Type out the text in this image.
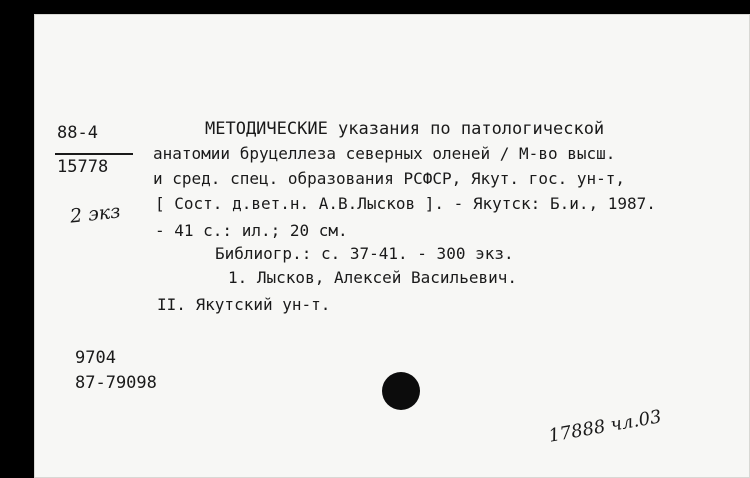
88-4
15778
2 экз
МЕТОДИЧЕСКИЕ указания по патологической
анатомии бруцеллеза северных оленей / М-во высш.
и сред. спец. образования РСФСР, Якут. гос. ун-т,
[ Сост. д.вет.н. А.В.Лысков ]. - Якутск: Б.и., 1987.
- 41 с.: ил.; 20 см.
Библиогр.: с. 37-41. - 300 экз.
1. Лысков, Алексей Васильевич.
II. Якутский ун-т.
9704
87-79098
17888 чл.03
